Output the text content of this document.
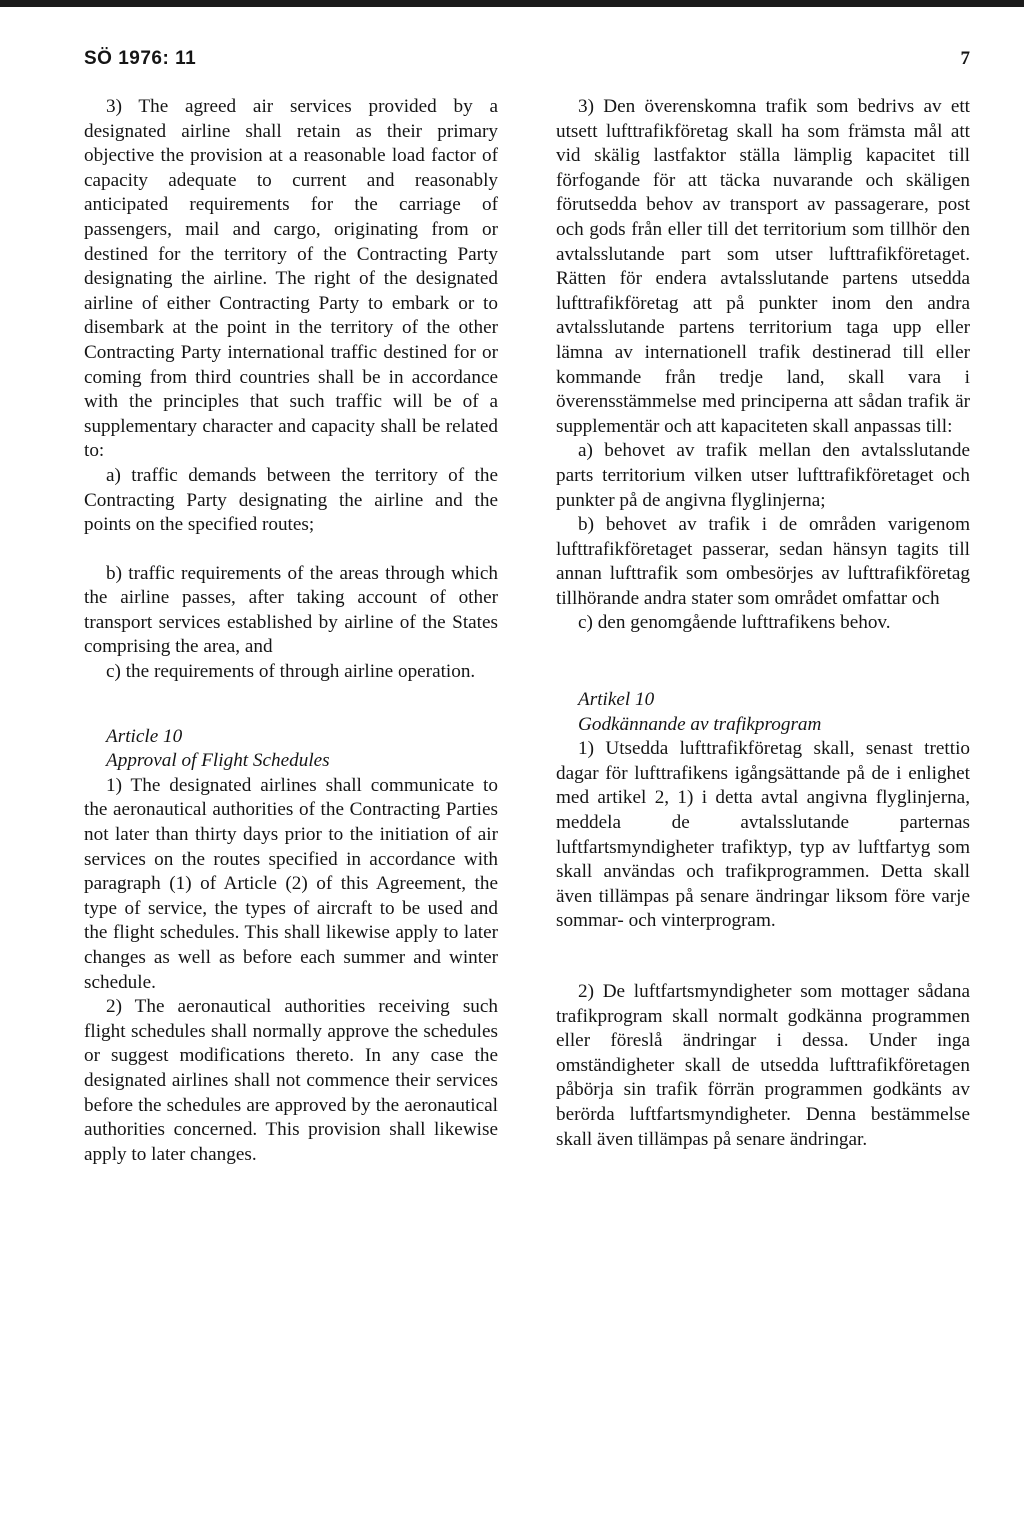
SÖ 1976: 11	7

3) The agreed air services provided by a designated airline shall retain as their primary objective the provision at a reasonable load factor of capacity adequate to current and reasonably anticipated requirements for the carriage of passengers, mail and cargo, originating from or destined for the territory of the Contracting Party designating the airline. The right of the designated airline of either Contracting Party to embark or to disembark at the point in the territory of the other Contracting Party international traffic destined for or coming from third countries shall be in accordance with the principles that such traffic will be of a supplementary character and capacity shall be related to:

a) traffic demands between the territory of the Contracting Party designating the airline and the points on the specified routes;

b) traffic requirements of the areas through which the airline passes, after taking account of other transport services established by airline of the States comprising the area, and

c) the requirements of through airline operation.

Article 10

Approval of Flight Schedules

1) The designated airlines shall communicate to the aeronautical authorities of the Contracting Parties not later than thirty days prior to the initiation of air services on the routes specified in accordance with paragraph (1) of Article (2) of this Agreement, the type of service, the types of aircraft to be used and the flight schedules. This shall likewise apply to later changes as well as before each summer and winter schedule.

2) The aeronautical authorities receiving such flight schedules shall normally approve the schedules or suggest modifications thereto. In any case the designated airlines shall not commence their services before the schedules are approved by the aeronautical authorities concerned. This provision shall likewise apply to later changes.

3) Den överenskomna trafik som bedrivs av ett utsett lufttrafikföretag skall ha som främsta mål att vid skälig lastfaktor ställa lämplig kapacitet till förfogande för att täcka nuvarande och skäligen förutsedda behov av transport av passagerare, post och gods från eller till det territorium som tillhör den avtalsslutande part som utser lufttrafikföretaget. Rätten för endera avtalsslutande partens utsedda lufttrafikföretag att på punkter inom den andra avtalsslutande partens territorium taga upp eller lämna av internationell trafik destinerad till eller kommande från tredje land, skall vara i överensstämmelse med principerna att sådan trafik är supplementär och att kapaciteten skall anpassas till:

a) behovet av trafik mellan den avtalsslutande parts territorium vilken utser lufttrafikföretaget och punkter på de angivna flyglinjerna;

b) behovet av trafik i de områden varigenom lufttrafikföretaget passerar, sedan hänsyn tagits till annan lufttrafik som ombesörjes av lufttrafikföretag tillhörande andra stater som området omfattar och

c) den genomgående lufttrafikens behov.

Artikel 10

Godkännande av trafikprogram

1) Utsedda lufttrafikföretag skall, senast trettio dagar för lufttrafikens igångsättande på de i enlighet med artikel 2, 1) i detta avtal angivna flyglinjerna, meddela de avtalsslutande parternas luftfartsmyndigheter trafiktyp, typ av luftfartyg som skall användas och trafikprogrammen. Detta skall även tillämpas på senare ändringar liksom före varje sommar- och vinterprogram.

2) De luftfartsmyndigheter som mottager sådana trafikprogram skall normalt godkänna programmen eller föreslå ändringar i dessa. Under inga omständigheter skall de utsedda lufttrafikföretagen påbörja sin trafik förrän programmen godkänts av berörda luftfartsmyndigheter. Denna bestämmelse skall även tillämpas på senare ändringar.
